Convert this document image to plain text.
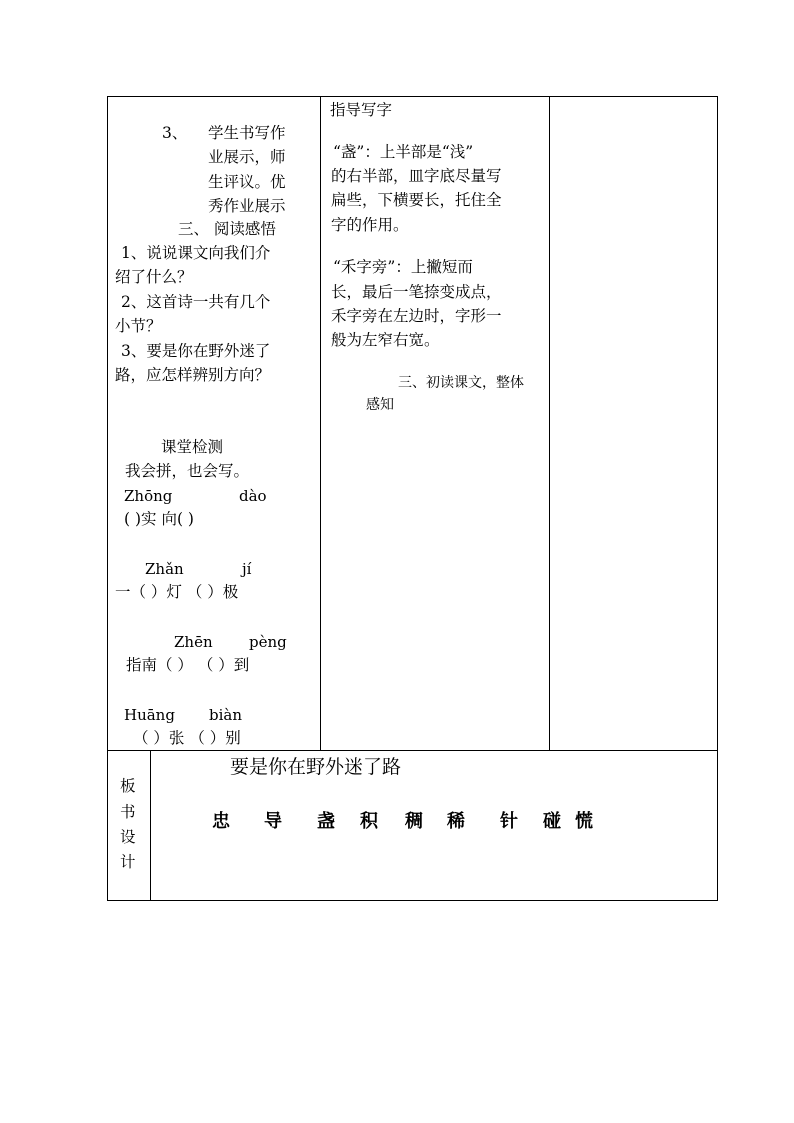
3、 学生书写作
业展示，师
生评议。优
秀作业展示
三、 阅读感悟
1、说说课文向我们介
绍了什么？
2、这首诗一共有几个
小节？
3、要是你在野外迷了
路，应怎样辨别方向？
课堂检测
我会拼，也会写。
Zhōng	dào
( )实 向( )
Zhǎn	jí
一（ ）灯 （ ）极
Zhēn pèng
指南（ ） （ ）到
Huāng biàn
（ ）张 （ ）别
指导写字
“盏”：上半部是“浅”
的右半部，皿字底尽量写
扁些，下横要长，托住全
字的作用。
“禾字旁”：上撇短而
长，最后一笔捺变成点，
禾字旁在左边时，字形一
般为左窄右宽。
三、初读课文，整体
感知
板
书
设
计
要是你在野外迷了路
忠 导 盏 积 稠 稀 针 碰 慌
